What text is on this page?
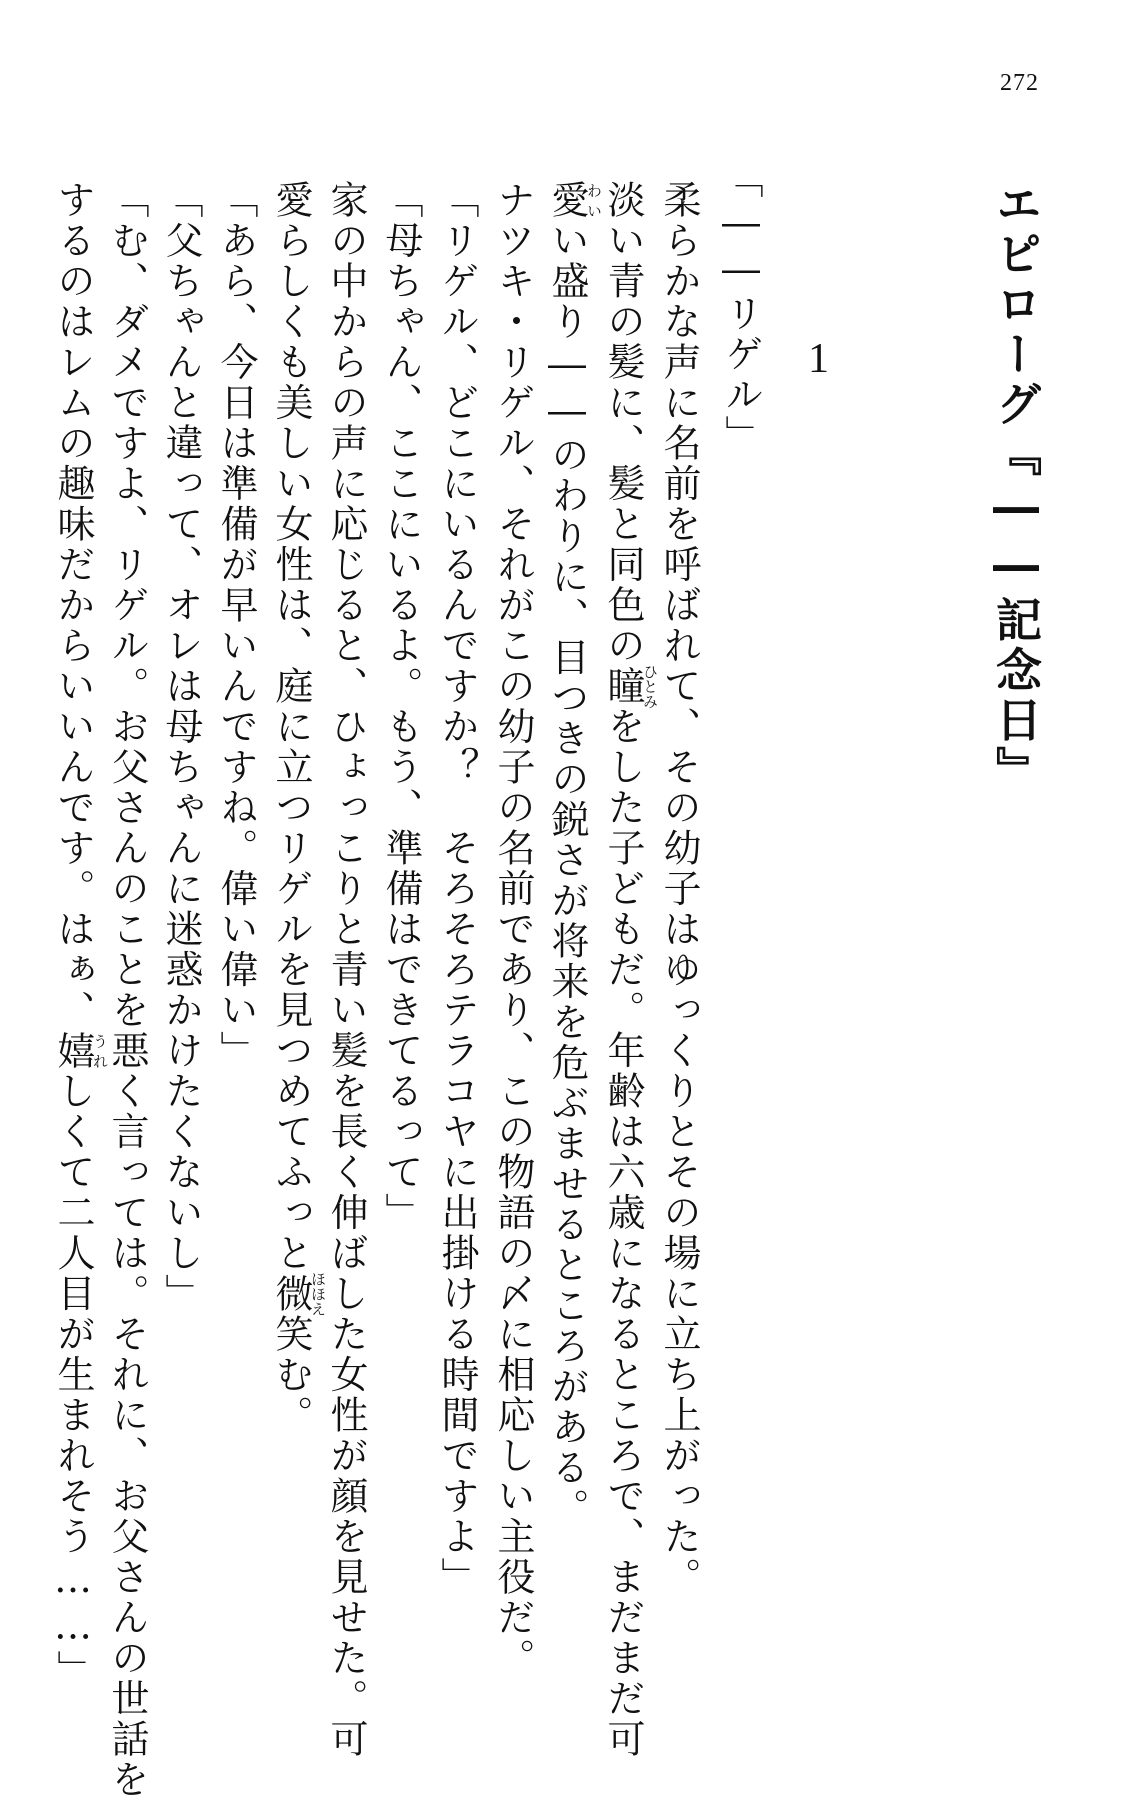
272
エピローグ『――記念日』
1
「――リゲル」
柔らかな声に名前を呼ばれて、その幼子はゆっくりとその場に立ち上がった。
淡い青の髪に、髪と同色の瞳ひとみをした子どもだ。年齢は六歳になるところで、まだまだ可
愛わいい盛り――のわりに、目つきの鋭さが将来を危ぶませるところがある。
ナツキ・リゲル、それがこの幼子の名前であり、この物語の〆に相応しい主役だ。
「リゲル、どこにいるんですか？　そろそろテラコヤに出掛ける時間ですよ」
「母ちゃん、ここにいるよ。もう、準備はできてるって」
家の中からの声に応じると、ひょっこりと青い髪を長く伸ばした女性が顔を見せた。可
愛らしくも美しい女性は、庭に立つリゲルを見つめてふっと微ほほえ笑む。
「あら、今日は準備が早いんですね。偉い偉い」
「父ちゃんと違って、オレは母ちゃんに迷惑かけたくないし」
「む、ダメですよ、リゲル。お父さんのことを悪く言っては。それに、お父さんの世話を
するのはレムの趣味だからいいんです。はぁ、嬉うれしくて二人目が生まれそう……」
